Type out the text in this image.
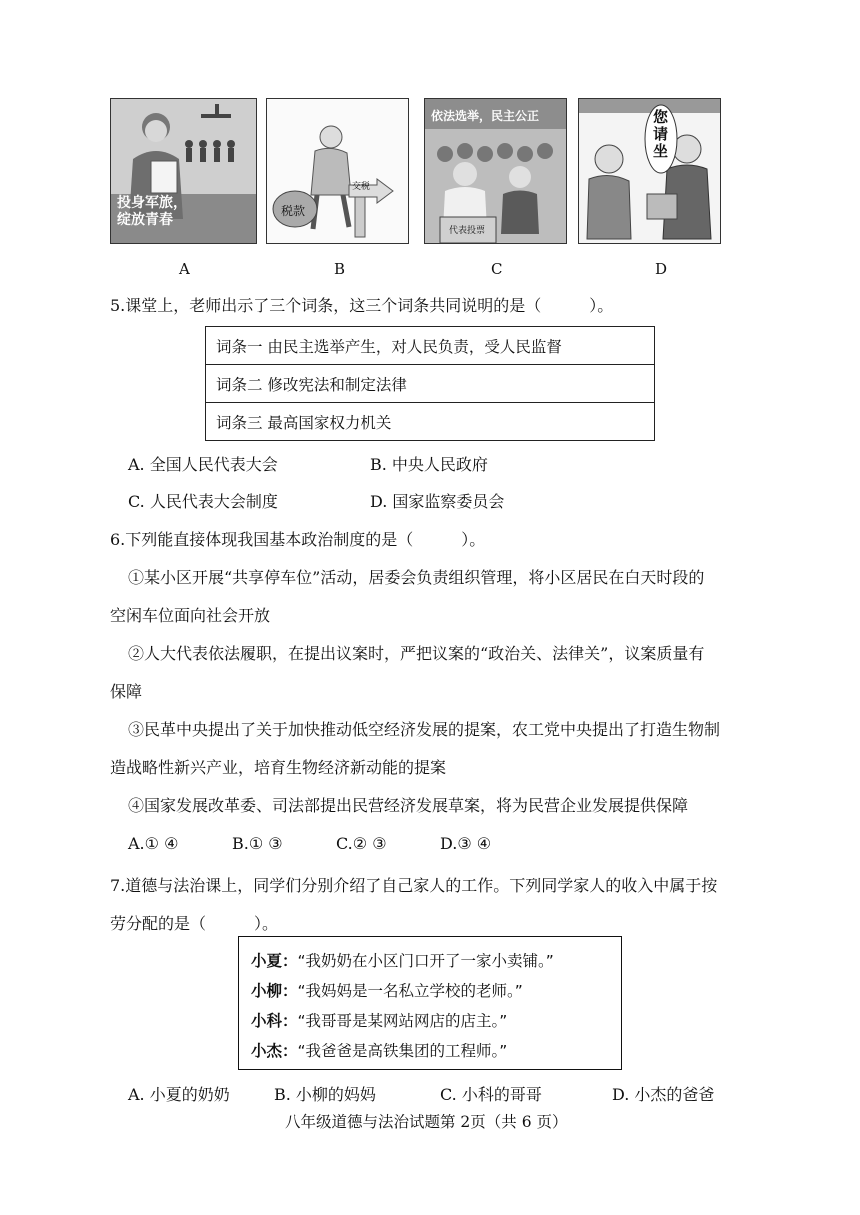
投身军旅，
绽放青春
税款
交税
依法选举，民主公正
代表投票
您请坐
A	B	C	D
5.课堂上，老师出示了三个词条，这三个词条共同说明的是（　　　）。
词条一 由民主选举产生，对人民负责，受人民监督
词条二 修改宪法和制定法律
词条三 最高国家权力机关
A. 全国人民代表大会	B. 中央人民政府
C. 人民代表大会制度	D. 国家监察委员会
6.下列能直接体现我国基本政治制度的是（　　　）。
①某小区开展“共享停车位”活动，居委会负责组织管理，将小区居民在白天时段的
空闲车位面向社会开放
②人大代表依法履职，在提出议案时，严把议案的“政治关、法律关”，议案质量有
保障
③民革中央提出了关于加快推动低空经济发展的提案，农工党中央提出了打造生物制
造战略性新兴产业，培育生物经济新动能的提案
④国家发展改革委、司法部提出民营经济发展草案，将为民营企业发展提供保障
A.① ④	B.① ③	C.② ③	D.③ ④
7.道德与法治课上，同学们分别介绍了自己家人的工作。下列同学家人的收入中属于按
劳分配的是（　　　）。
小夏：“我奶奶在小区门口开了一家小卖铺。”
小柳：“我妈妈是一名私立学校的老师。”
小科：“我哥哥是某网站网店的店主。”
小杰：“我爸爸是高铁集团的工程师。”
A. 小夏的奶奶	B. 小柳的妈妈	C. 小科的哥哥	D. 小杰的爸爸
八年级道德与法治试题第 2页（共 6 页）
